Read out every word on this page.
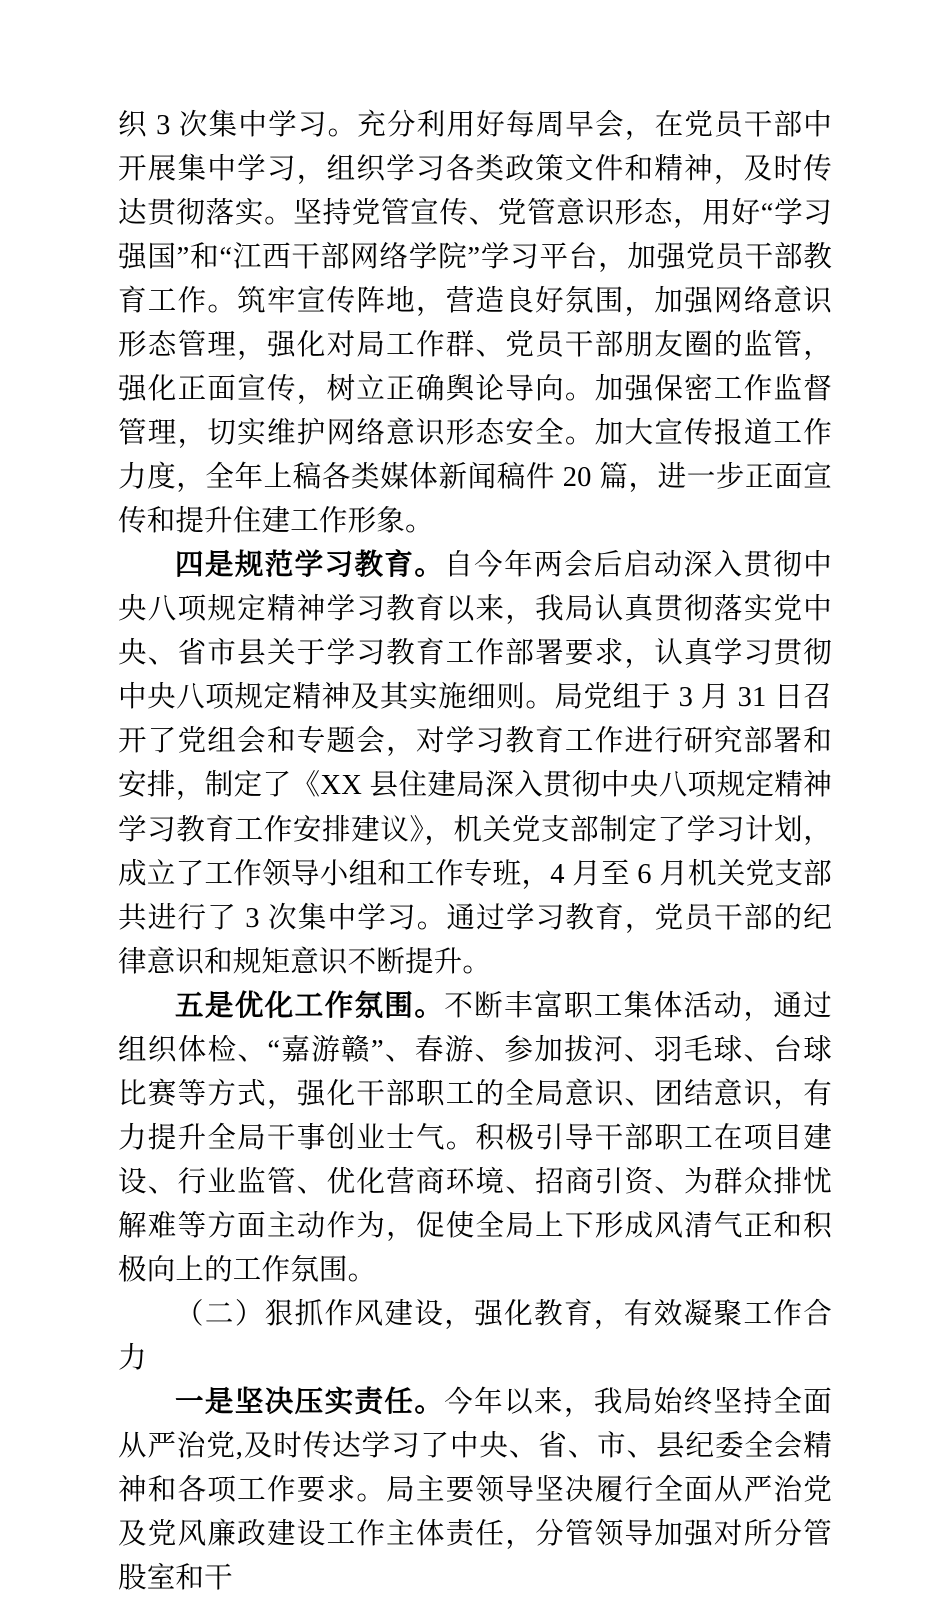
织 3 次集中学习。充分利用好每周早会，在党员干部中开展集中学习，组织学习各类政策文件和精神，及时传达贯彻落实。坚持党管宣传、党管意识形态，用好“学习强国”和“江西干部网络学院”学习平台，加强党员干部教育工作。筑牢宣传阵地，营造良好氛围，加强网络意识形态管理，强化对局工作群、党员干部朋友圈的监管，强化正面宣传，树立正确舆论导向。加强保密工作监督管理，切实维护网络意识形态安全。加大宣传报道工作力度，全年上稿各类媒体新闻稿件 20 篇，进一步正面宣传和提升住建工作形象。

四是规范学习教育。自今年两会后启动深入贯彻中央八项规定精神学习教育以来，我局认真贯彻落实党中央、省市县关于学习教育工作部署要求，认真学习贯彻中央八项规定精神及其实施细则。局党组于 3 月 31 日召开了党组会和专题会，对学习教育工作进行研究部署和安排，制定了《XX 县住建局深入贯彻中央八项规定精神学习教育工作安排建议》，机关党支部制定了学习计划，成立了工作领导小组和工作专班，4 月至 6 月机关党支部共进行了 3 次集中学习。通过学习教育，党员干部的纪律意识和规矩意识不断提升。

五是优化工作氛围。不断丰富职工集体活动，通过组织体检、“嘉游赣”、春游、参加拔河、羽毛球、台球比赛等方式，强化干部职工的全局意识、团结意识，有力提升全局干事创业士气。积极引导干部职工在项目建设、行业监管、优化营商环境、招商引资、为群众排忧解难等方面主动作为，促使全局上下形成风清气正和积极向上的工作氛围。

（二）狠抓作风建设，强化教育，有效凝聚工作合力

一是坚决压实责任。今年以来，我局始终坚持全面从严治党,及时传达学习了中央、省、市、县纪委全会精神和各项工作要求。局主要领导坚决履行全面从严治党及党风廉政建设工作主体责任，分管领导加强对所分管股室和干
